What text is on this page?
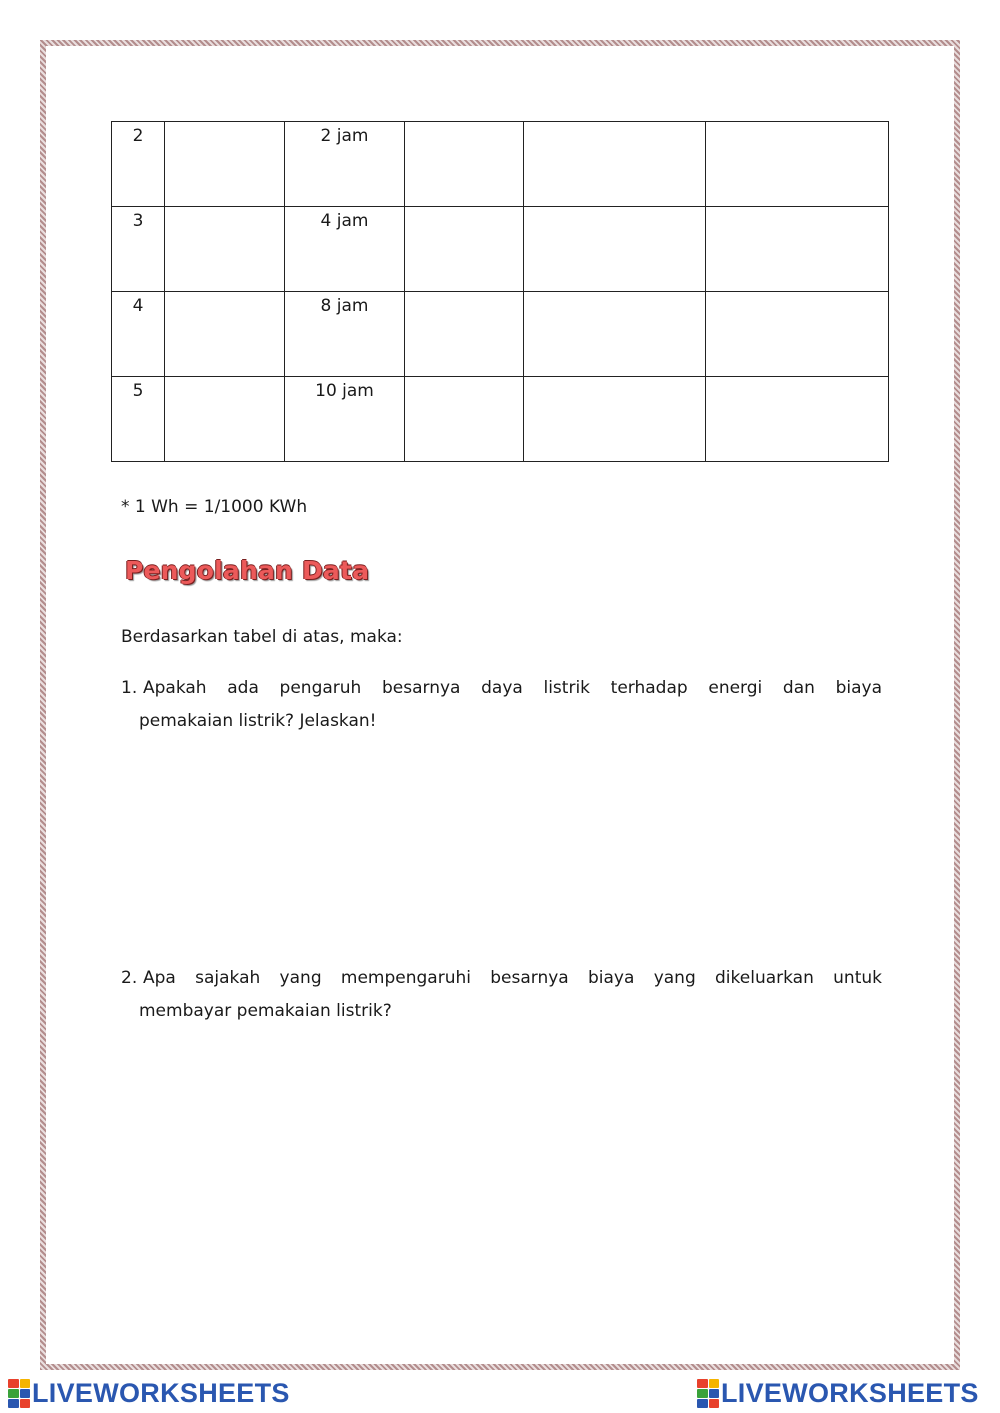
2		2 jam			
3		4 jam			
4		8 jam			
5		10 jam			
* 1 Wh = 1/1000 KWh
Pengolahan Data
Berdasarkan tabel di atas, maka:
1. Apakah ada pengaruh besarnya daya listrik terhadap energi dan biaya
pemakaian listrik? Jelaskan!
2. Apa sajakah yang mempengaruhi besarnya biaya yang dikeluarkan untuk
membayar pemakaian listrik?
LIVEWORKSHEETS	LIVEWORKSHEETS
